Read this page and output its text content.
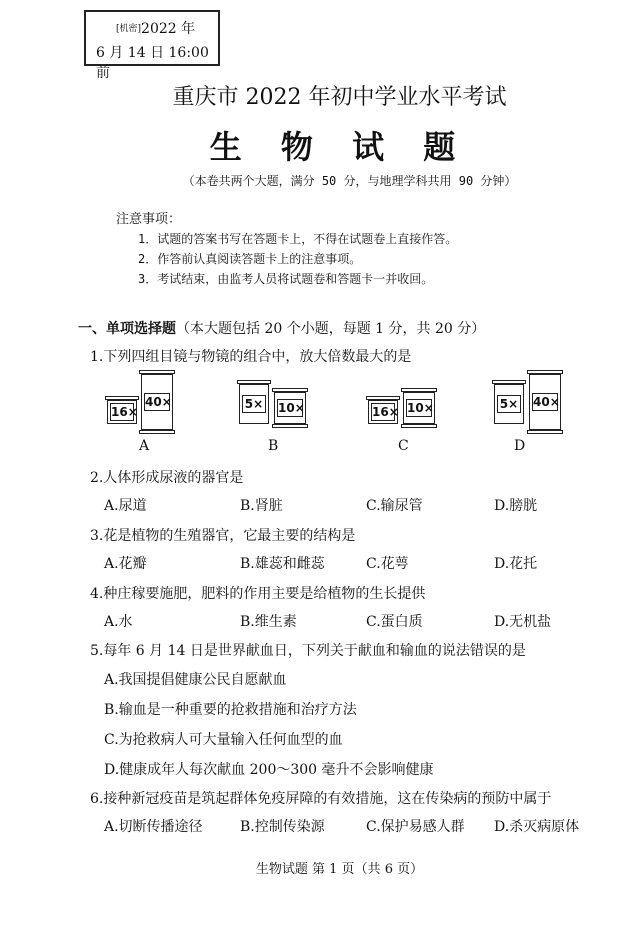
[机密]2022 年
6 月 14 日 16:00 前
重庆市 2022 年初中学业水平考试
生 物 试 题
（本卷共两个大题，满分 50 分，与地理学科共用 90 分钟）
注意事项：
1．试题的答案书写在答题卡上，不得在试题卷上直接作答。
2．作答前认真阅读答题卡上的注意事项。
3．考试结束，由监考人员将试题卷和答题卡一并收回。
一、单项选择题（本大题包括 20 个小题，每题 1 分，共 20 分）
1.下列四组目镜与物镜的组合中，放大倍数最大的是
16×
40×
A
5× 10×
B
16× 10×
C
5× 40×
D
2.人体形成尿液的器官是
A.尿道	B.肾脏	C.输尿管	D.膀胱
3.花是植物的生殖器官，它最主要的结构是
A.花瓣	B.雄蕊和雌蕊	C.花萼	D.花托
4.种庄稼要施肥，肥料的作用主要是给植物的生长提供
A.水	B.维生素	C.蛋白质	D.无机盐
5.每年 6 月 14 日是世界献血日，下列关于献血和输血的说法错误的是
A.我国提倡健康公民自愿献血
B.输血是一种重要的抢救措施和治疗方法
C.为抢救病人可大量输入任何血型的血
D.健康成年人每次献血 200～300 毫升不会影响健康
6.接种新冠疫苗是筑起群体免疫屏障的有效措施，这在传染病的预防中属于
A.切断传播途径	B.控制传染源	C.保护易感人群 D.杀灭病原体
生物试题 第 1 页（共 6 页）
